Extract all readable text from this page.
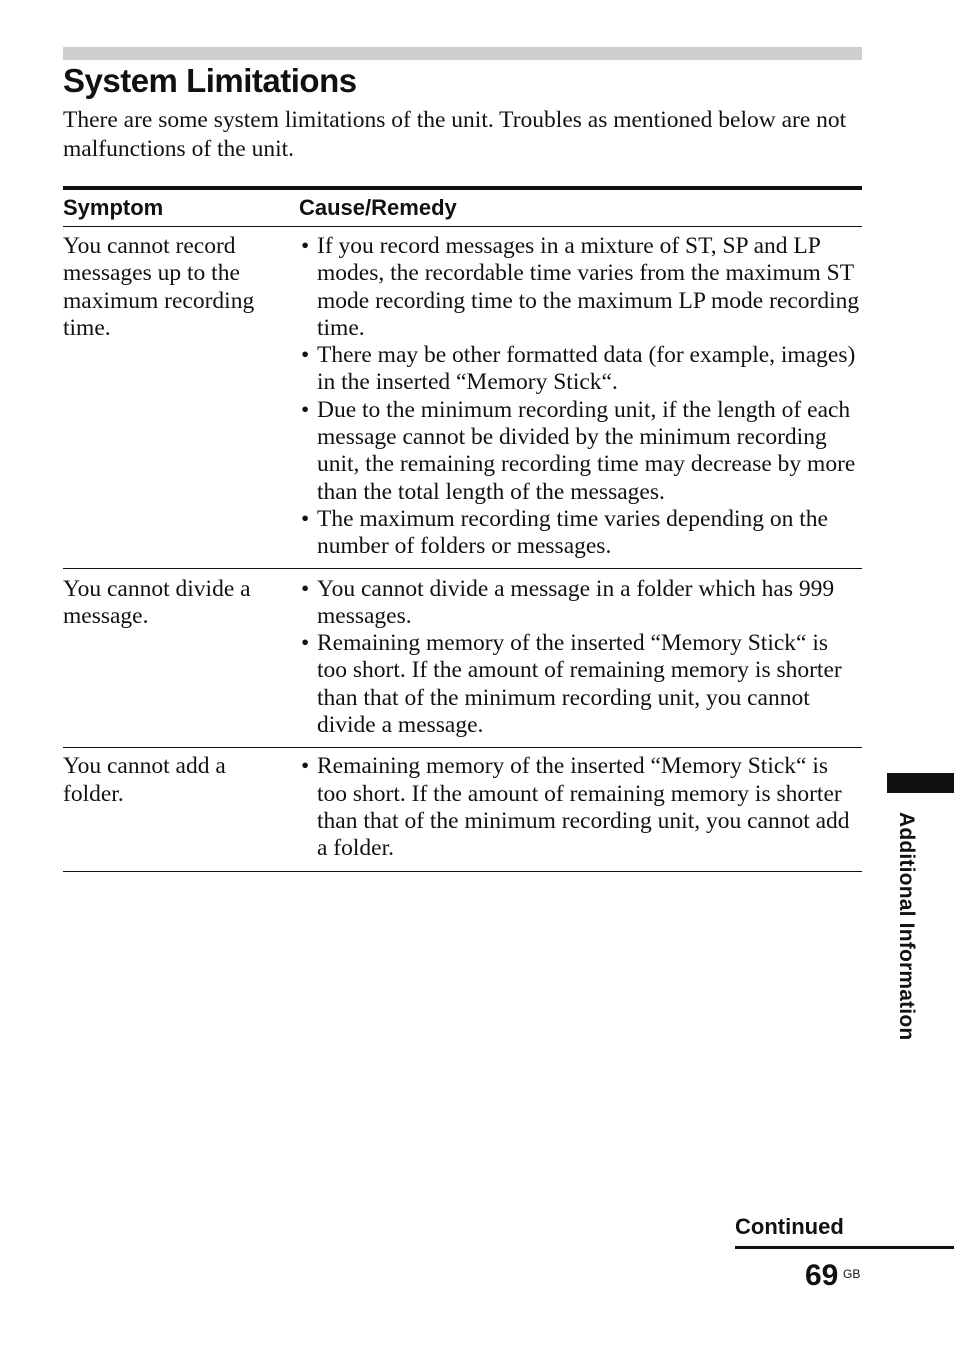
System Limitations

There are some system limitations of the unit. Troubles as mentioned below are not malfunctions of the unit.

Symptom	Cause/Remedy
You cannot record messages up to the maximum recording time.
• If you record messages in a mixture of ST, SP and LP modes, the recordable time varies from the maximum ST mode recording time to the maximum LP mode recording time.
• There may be other formatted data (for example, images) in the inserted “Memory Stick“.
• Due to the minimum recording unit, if the length of each message cannot be divided by the minimum recording unit, the remaining recording time may decrease by more than the total length of the messages.
• The maximum recording time varies depending on the number of folders or messages.
You cannot divide a message.
• You cannot divide a message in a folder which has 999 messages.
• Remaining memory of the inserted “Memory Stick“ is too short. If the amount of remaining memory is shorter than that of the minimum recording unit, you cannot divide a message.
You cannot add a folder.
• Remaining memory of the inserted “Memory Stick“ is too short. If the amount of remaining memory is shorter than that of the minimum recording unit, you cannot add a folder.	Additional Information
Continued
69 GB
